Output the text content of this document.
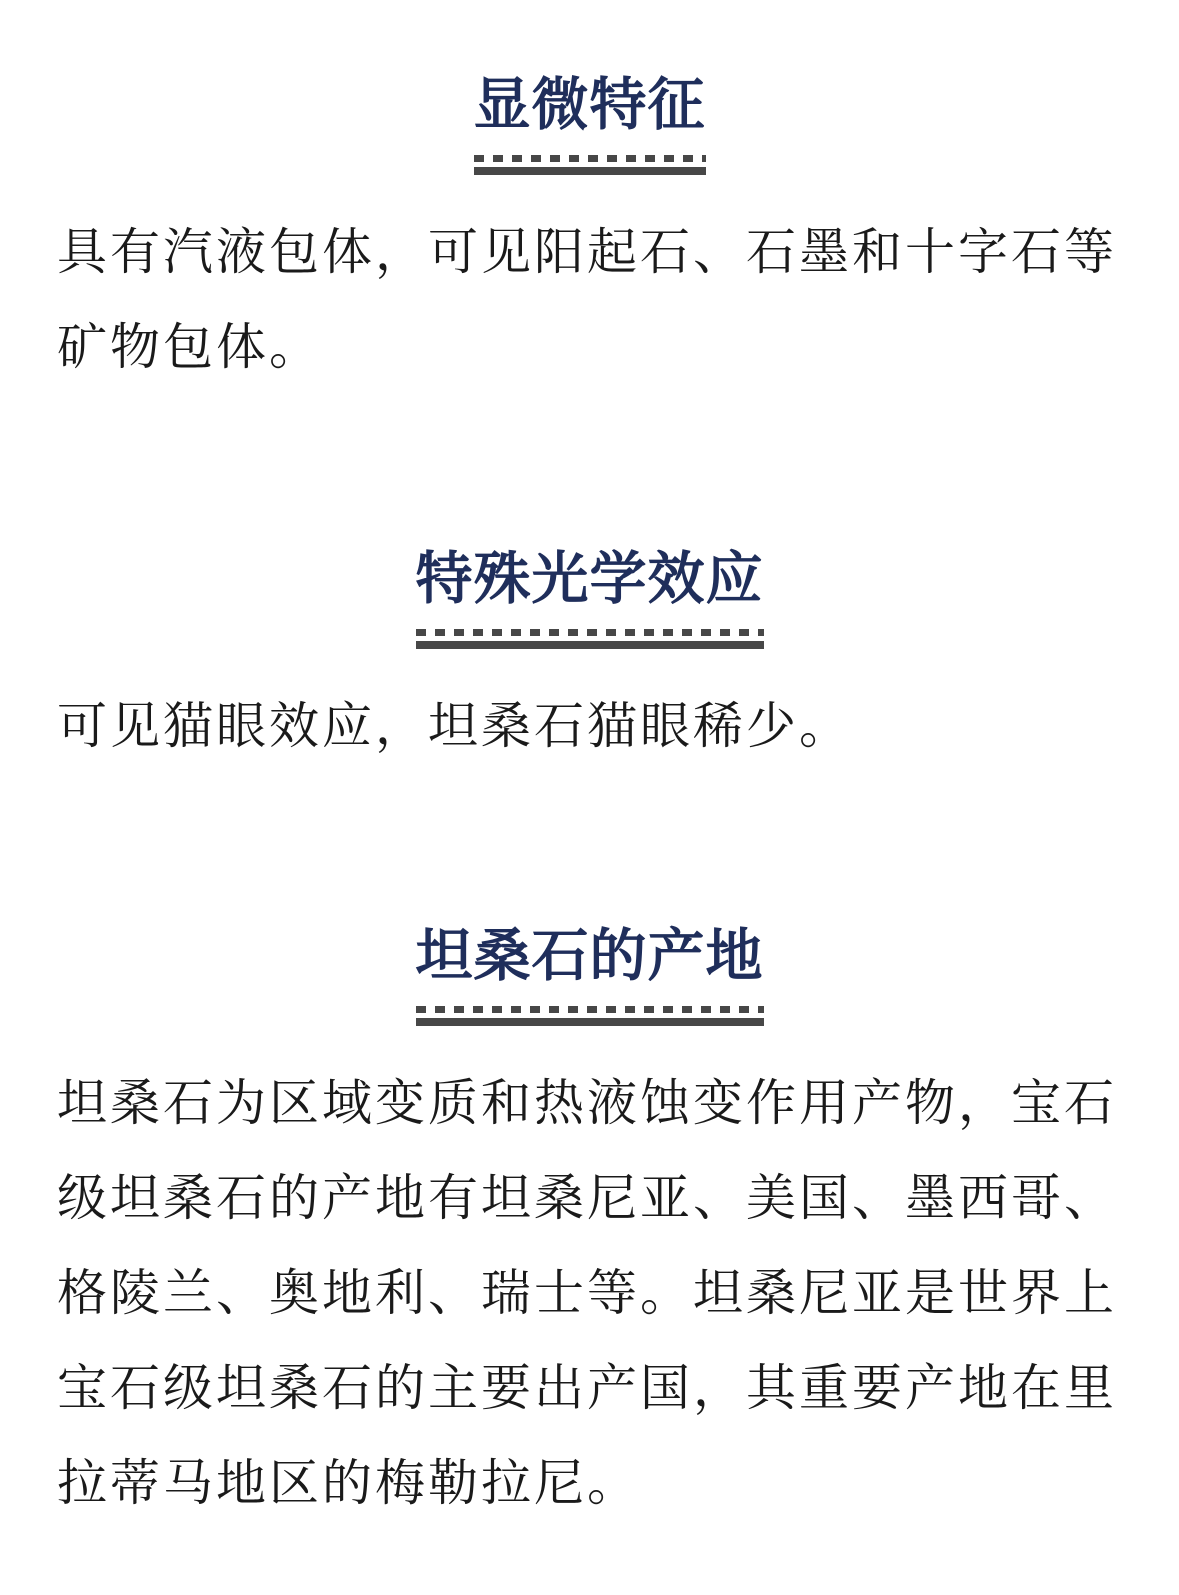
显微特征
具有汽液包体，可见阳起石、石墨和十字石等
矿物包体。
特殊光学效应
可见猫眼效应，坦桑石猫眼稀少。
坦桑石的产地
坦桑石为区域变质和热液蚀变作用产物，宝石
级坦桑石的产地有坦桑尼亚、美国、墨西哥、
格陵兰、奥地利、瑞士等。坦桑尼亚是世界上
宝石级坦桑石的主要出产国，其重要产地在里
拉蒂马地区的梅勒拉尼。
